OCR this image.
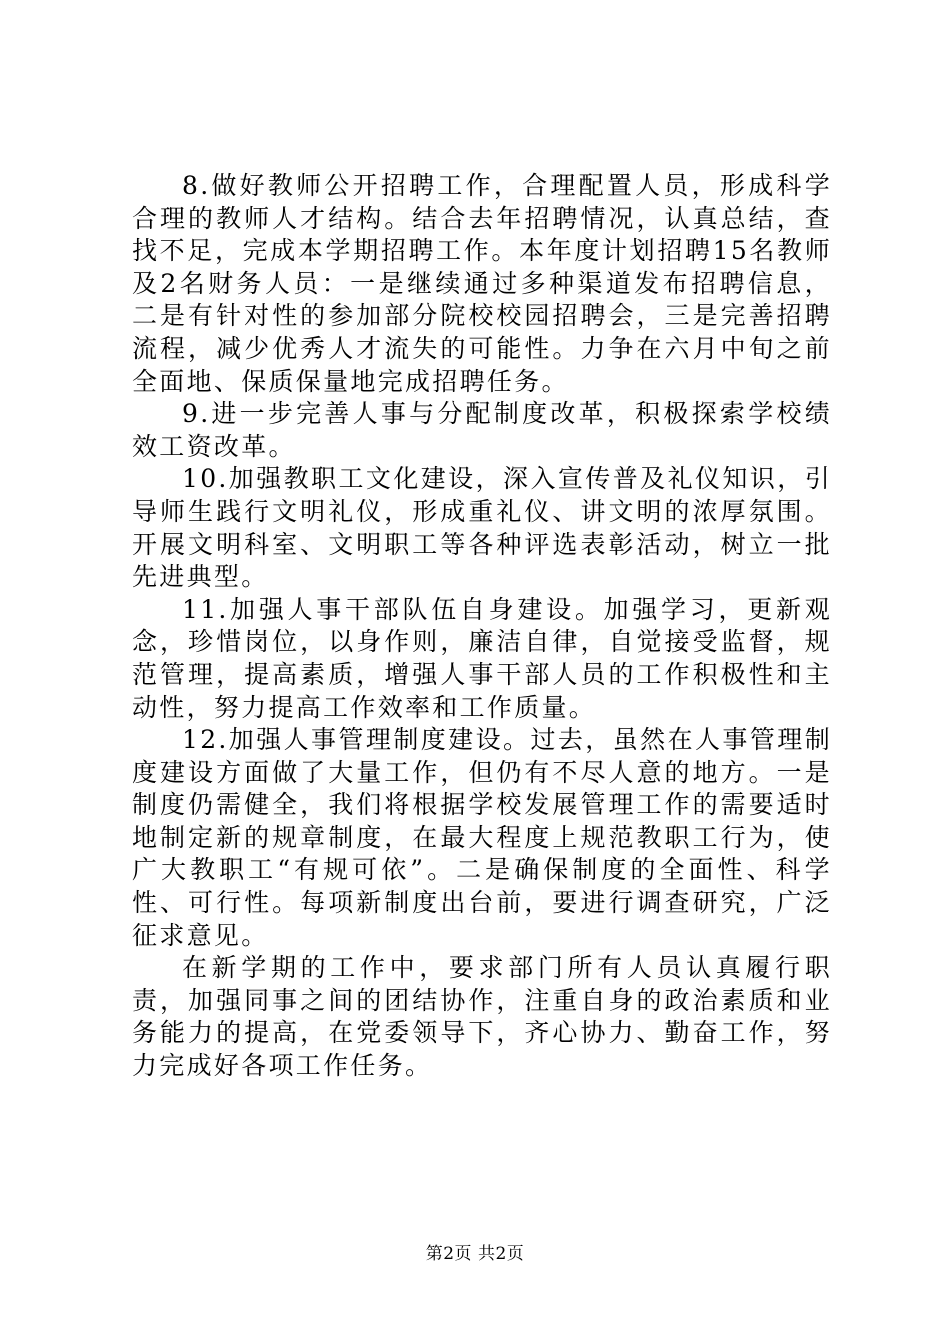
8.做好教师公开招聘工作，合理配置人员，形成科学合理的教师人才结构。结合去年招聘情况，认真总结，查找不足，完成本学期招聘工作。本年度计划招聘15名教师及2名财务人员：一是继续通过多种渠道发布招聘信息，二是有针对性的参加部分院校校园招聘会，三是完善招聘流程，减少优秀人才流失的可能性。力争在六月中旬之前全面地、保质保量地完成招聘任务。

9.进一步完善人事与分配制度改革，积极探索学校绩效工资改革。

10.加强教职工文化建设，深入宣传普及礼仪知识，引导师生践行文明礼仪，形成重礼仪、讲文明的浓厚氛围。开展文明科室、文明职工等各种评选表彰活动，树立一批先进典型。

11.加强人事干部队伍自身建设。加强学习，更新观念，珍惜岗位，以身作则，廉洁自律，自觉接受监督，规范管理，提高素质，增强人事干部人员的工作积极性和主动性，努力提高工作效率和工作质量。

12.加强人事管理制度建设。过去，虽然在人事管理制度建设方面做了大量工作，但仍有不尽人意的地方。一是制度仍需健全，我们将根据学校发展管理工作的需要适时地制定新的规章制度，在最大程度上规范教职工行为，使广大教职工“有规可依”。二是确保制度的全面性、科学性、可行性。每项新制度出台前，要进行调查研究，广泛征求意见。

在新学期的工作中，要求部门所有人员认真履行职责，加强同事之间的团结协作，注重自身的政治素质和业务能力的提高，在党委领导下，齐心协力、勤奋工作，努力完成好各项工作任务。

第2页 共2页
